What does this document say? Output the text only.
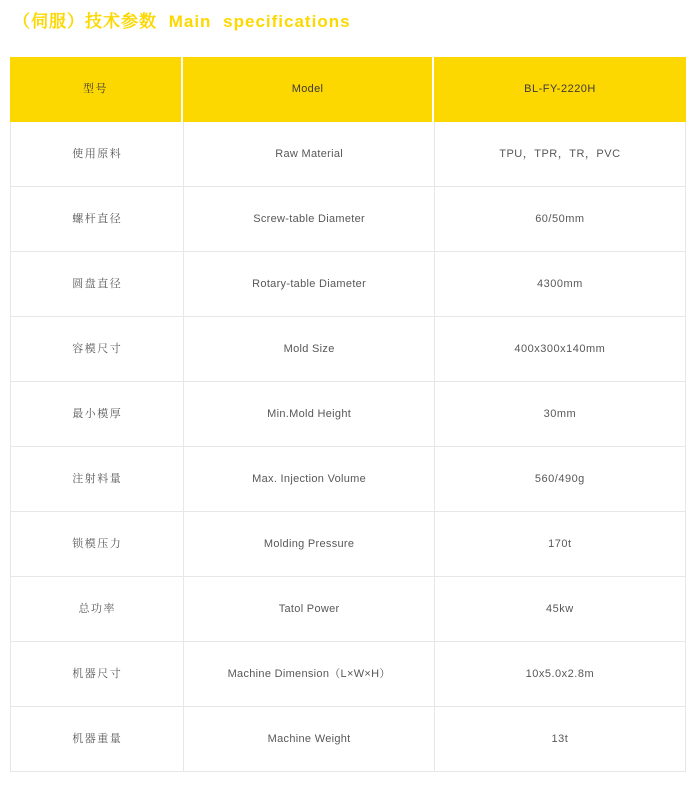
（伺服）技术参数 Main specifications
型号	Model	BL-FY-2220H
使用原料	Raw Material	TPU，TPR，TR，PVC
螺杆直径	Screw-table Diameter	60/50mm
圆盘直径	Rotary-table Diameter	4300mm
容模尺寸	Mold Size	400x300x140mm
最小模厚	Min.Mold Height	30mm
注射料量	Max. Injection Volume	560/490g
锁模压力	Molding Pressure	170t
总功率	Tatol Power	45kw
机器尺寸	Machine Dimension（L×W×H）	10x5.0x2.8m
机器重量	Machine Weight	13t
